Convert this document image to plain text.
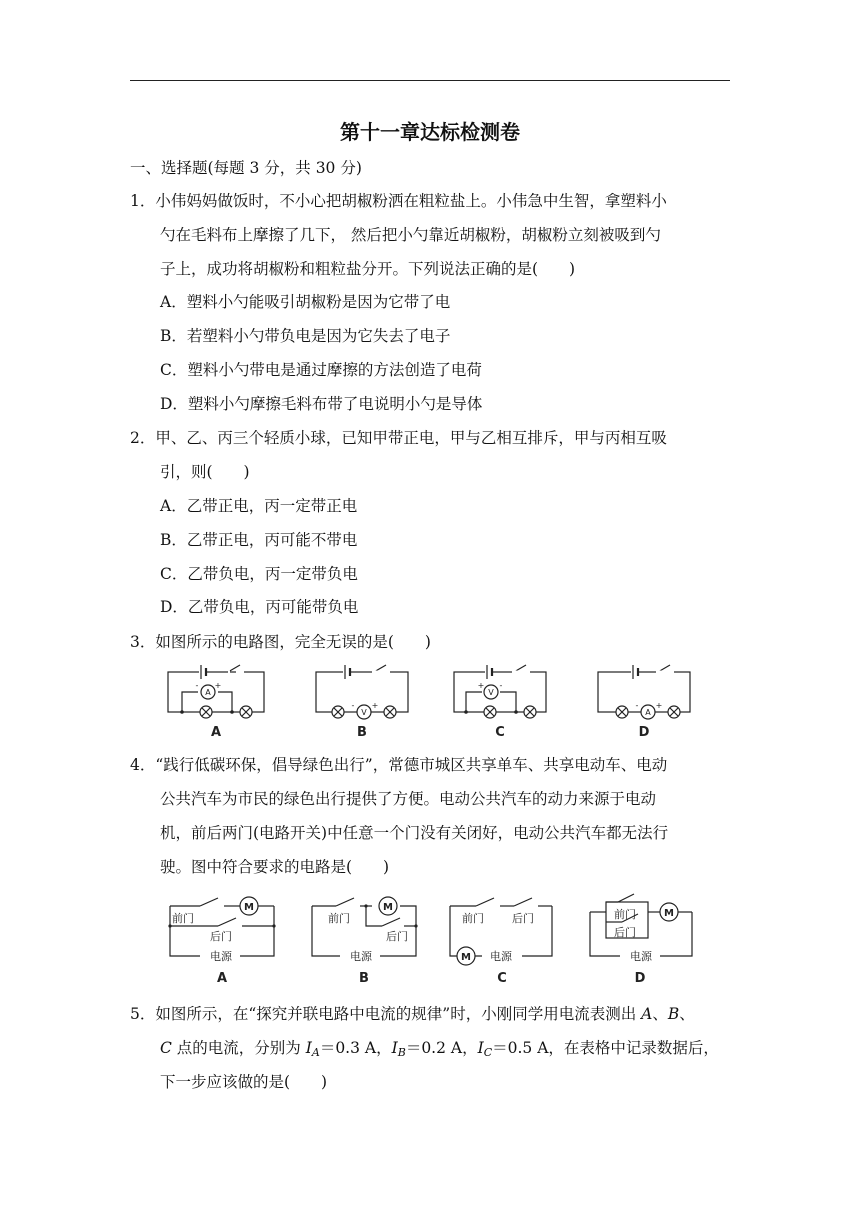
第十一章达标检测卷
一、选择题(每题 3 分，共 30 分)
1．小伟妈妈做饭时，不小心把胡椒粉洒在粗粒盐上。小伟急中生智，拿塑料小
勺在毛料布上摩擦了几下， 然后把小勺靠近胡椒粉，胡椒粉立刻被吸到勺
子上，成功将胡椒粉和粗粒盐分开。下列说法正确的是(　　)
A．塑料小勺能吸引胡椒粉是因为它带了电
B．若塑料小勺带负电是因为它失去了电子
C．塑料小勺带电是通过摩擦的方法创造了电荷
D．塑料小勺摩擦毛料布带了电说明小勺是导体
2．甲、乙、丙三个轻质小球，已知甲带正电，甲与乙相互排斥，甲与丙相互吸
引，则(　　)
A．乙带正电，丙一定带正电
B．乙带正电，丙可能不带电
C．乙带负电，丙一定带负电
D．乙带负电，丙可能带负电
3．如图所示的电路图，完全无误的是(　　)
A
V
V
A
+
-
- +
+ -
- +
A	B	C	D
4．“践行低碳环保，倡导绿色出行”，常德市城区共享单车、共享电动车、电动
公共汽车为市民的绿色出行提供了方便。电动公共汽车的动力来源于电动
机，前后两门(电路开关)中任意一个门没有关闭好，电动公共汽车都无法行
驶。图中符合要求的电路是(　　)
前门
后门
前门
后门
前门	后门	前门
后门
电源	电源	电源	电源
M	M
M
M
A	B	C	D
5．如图所示，在“探究并联电路中电流的规律”时，小刚同学用电流表测出 A、B、
C 点的电流，分别为 $I_A=0.3$ A，$I_B=0.2$ A，$I_C=0.5$ A，在表格中记录数据后，
下一步应该做的是(　　)
